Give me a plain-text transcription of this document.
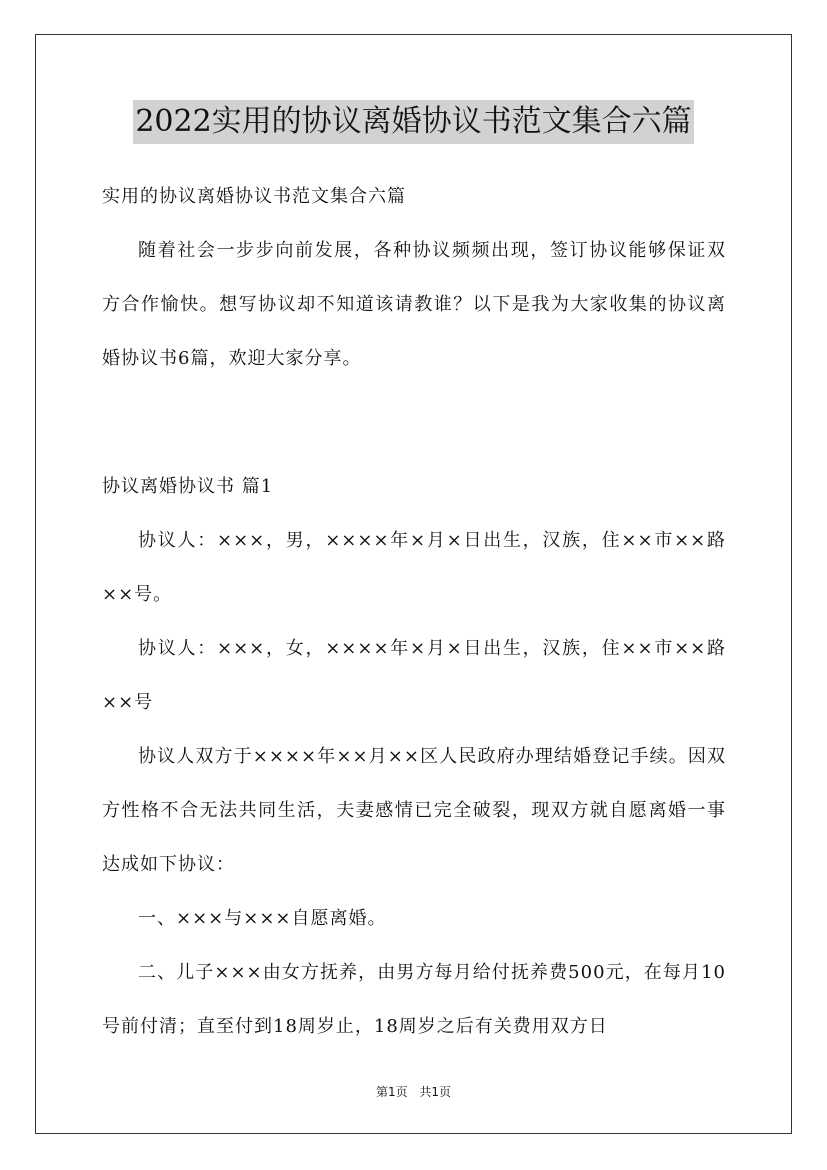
2022实用的协议离婚协议书范文集合六篇

实用的协议离婚协议书范文集合六篇

随着社会一步步向前发展，各种协议频频出现，签订协议能够保证双方合作愉快。想写协议却不知道该请教谁？以下是我为大家收集的协议离婚协议书6篇，欢迎大家分享。

协议离婚协议书 篇1

协议人：×××，男，××××年×月×日出生，汉族，住××市××路××号。

协议人：×××，女，××××年×月×日出生，汉族，住××市××路××号

协议人双方于××××年××月××区人民政府办理结婚登记手续。因双方性格不合无法共同生活，夫妻感情已完全破裂，现双方就自愿离婚一事达成如下协议：

一、×××与×××自愿离婚。

二、儿子×××由女方抚养，由男方每月给付抚养费500元，在每月10号前付清；直至付到18周岁止，18周岁之后有关费用双方日

第1页 共1页
